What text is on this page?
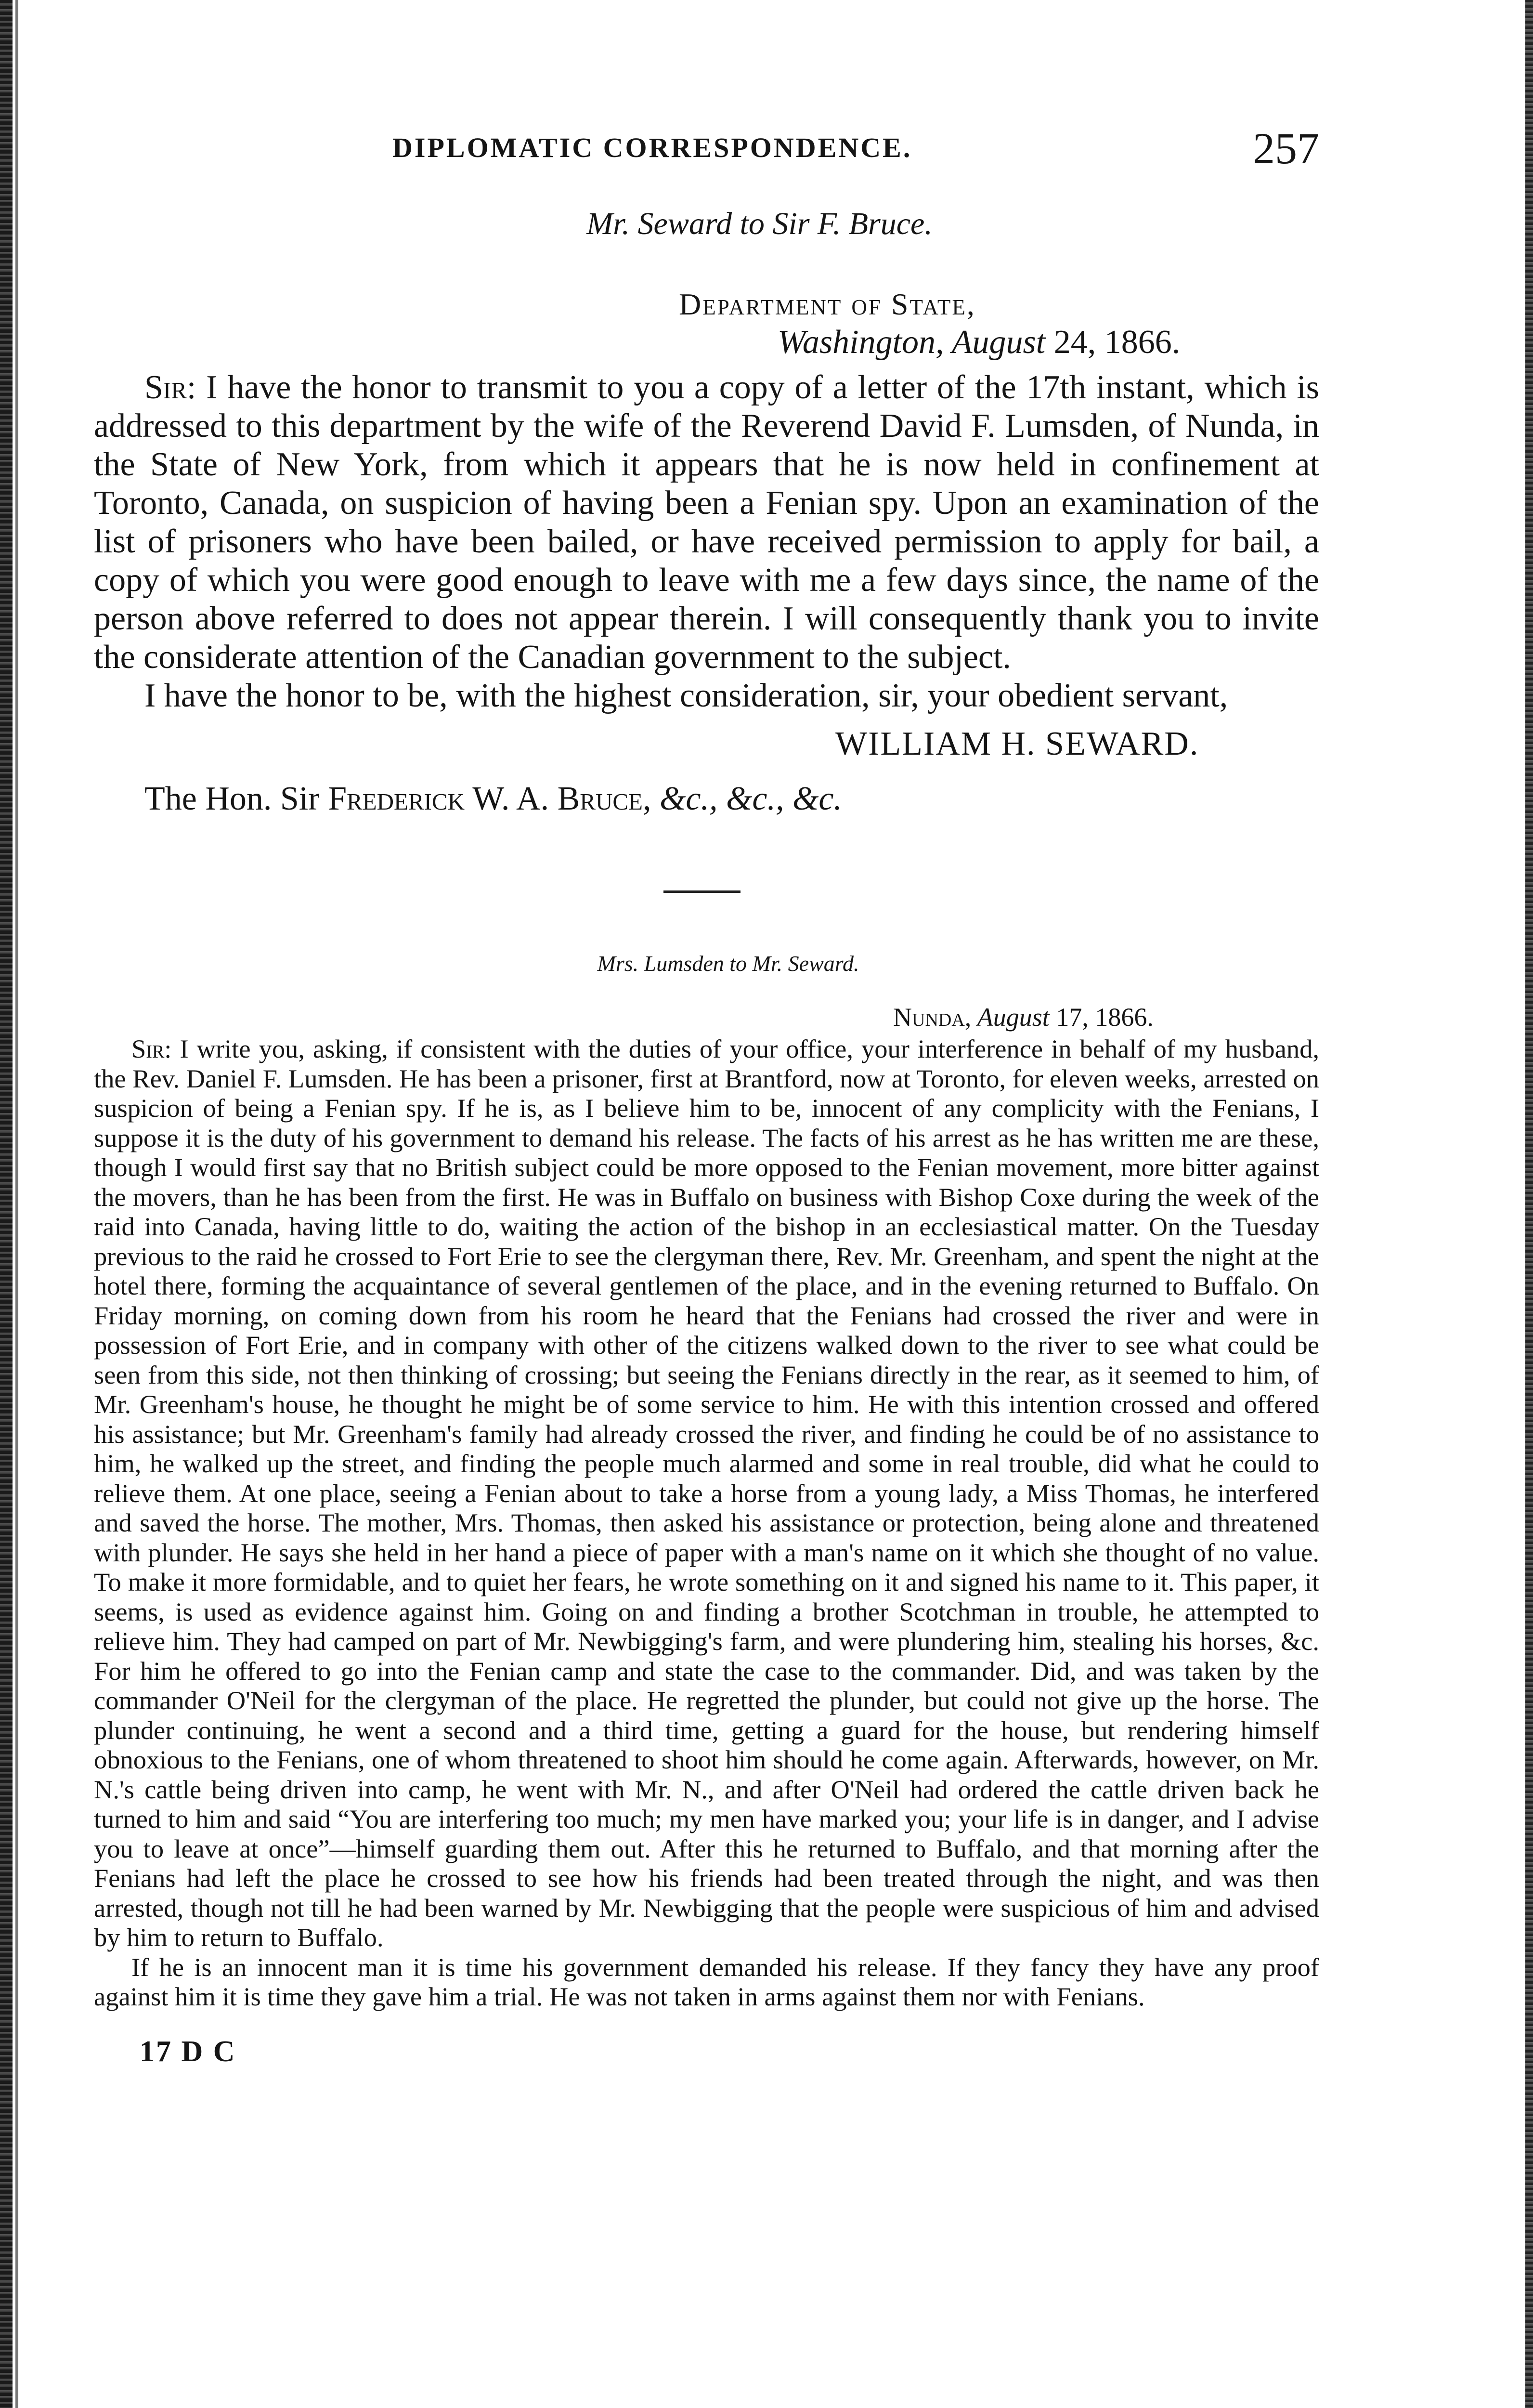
DIPLOMATIC CORRESPONDENCE.	257
Mr. Seward to Sir F. Bruce.
Department of State,
Washington, August 24, 1866.

Sir: I have the honor to transmit to you a copy of a letter of the 17th instant, which is addressed to this department by the wife of the Reverend David F. Lumsden, of Nunda, in the State of New York, from which it appears that he is now held in confinement at Toronto, Canada, on suspicion of having been a Fenian spy. Upon an examination of the list of prisoners who have been bailed, or have received permission to apply for bail, a copy of which you were good enough to leave with me a few days since, the name of the person above referred to does not appear therein. I will consequently thank you to invite the considerate attention of the Canadian government to the subject.

I have the honor to be, with the highest consideration, sir, your obedient servant,

WILLIAM H. SEWARD.
The Hon. Sir Frederick W. A. Bruce, &c., &c., &c.
Mrs. Lumsden to Mr. Seward.
Nunda, August 17, 1866.

Sir: I write you, asking, if consistent with the duties of your office, your interference in behalf of my husband, the Rev. Daniel F. Lumsden. He has been a prisoner, first at Brantford, now at Toronto, for eleven weeks, arrested on suspicion of being a Fenian spy. If he is, as I believe him to be, innocent of any complicity with the Fenians, I suppose it is the duty of his government to demand his release. The facts of his arrest as he has written me are these, though I would first say that no British subject could be more opposed to the Fenian movement, more bitter against the movers, than he has been from the first. He was in Buffalo on business with Bishop Coxe during the week of the raid into Canada, having little to do, waiting the action of the bishop in an ecclesiastical matter. On the Tuesday previous to the raid he crossed to Fort Erie to see the clergyman there, Rev. Mr. Greenham, and spent the night at the hotel there, forming the acquaintance of several gentlemen of the place, and in the evening returned to Buffalo. On Friday morning, on coming down from his room he heard that the Fenians had crossed the river and were in possession of Fort Erie, and in company with other of the citizens walked down to the river to see what could be seen from this side, not then thinking of crossing; but seeing the Fenians directly in the rear, as it seemed to him, of Mr. Greenham's house, he thought he might be of some service to him. He with this intention crossed and offered his assistance; but Mr. Greenham's family had already crossed the river, and finding he could be of no assistance to him, he walked up the street, and finding the people much alarmed and some in real trouble, did what he could to relieve them. At one place, seeing a Fenian about to take a horse from a young lady, a Miss Thomas, he interfered and saved the horse. The mother, Mrs. Thomas, then asked his assistance or protection, being alone and threatened with plunder. He says she held in her hand a piece of paper with a man's name on it which she thought of no value. To make it more formidable, and to quiet her fears, he wrote something on it and signed his name to it. This paper, it seems, is used as evidence against him. Going on and finding a brother Scotchman in trouble, he attempted to relieve him. They had camped on part of Mr. Newbigging's farm, and were plundering him, stealing his horses, &c. For him he offered to go into the Fenian camp and state the case to the commander. Did, and was taken by the commander O'Neil for the clergyman of the place. He regretted the plunder, but could not give up the horse. The plunder continuing, he went a second and a third time, getting a guard for the house, but rendering himself obnoxious to the Fenians, one of whom threatened to shoot him should he come again. Afterwards, however, on Mr. N.'s cattle being driven into camp, he went with Mr. N., and after O'Neil had ordered the cattle driven back he turned to him and said “You are interfering too much; my men have marked you; your life is in danger, and I advise you to leave at once”—himself guarding them out. After this he returned to Buffalo, and that morning after the Fenians had left the place he crossed to see how his friends had been treated through the night, and was then arrested, though not till he had been warned by Mr. Newbigging that the people were suspicious of him and advised by him to return to Buffalo.

If he is an innocent man it is time his government demanded his release. If they fancy they have any proof against him it is time they gave him a trial. He was not taken in arms against them nor with Fenians.

17 D C
